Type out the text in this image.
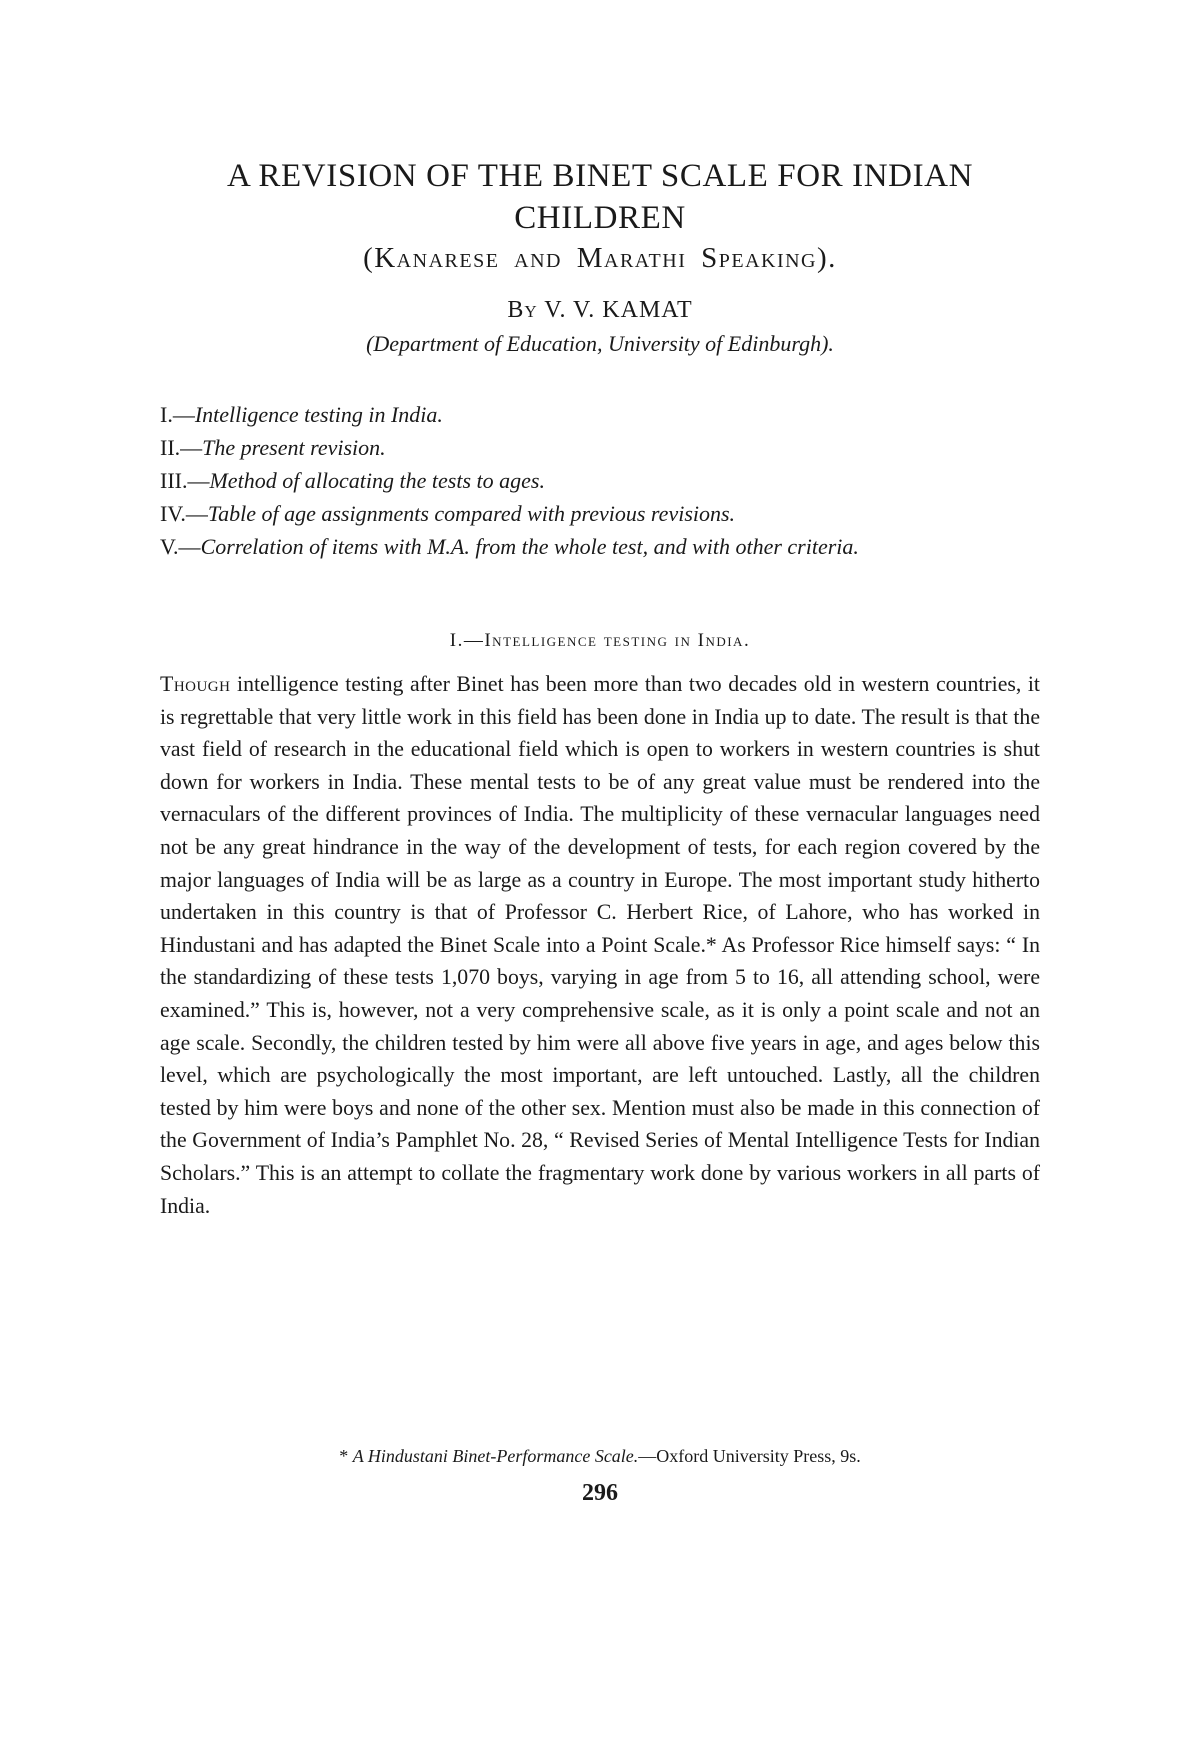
A REVISION OF THE BINET SCALE FOR INDIAN CHILDREN
(Kanarese and Marathi Speaking).
By V. V. KAMAT
(Department of Education, University of Edinburgh).
I.—Intelligence testing in India.
II.—The present revision.
III.—Method of allocating the tests to ages.
IV.—Table of age assignments compared with previous revisions.
V.—Correlation of items with M.A. from the whole test, and with other criteria.
I.—Intelligence testing in India.

Though intelligence testing after Binet has been more than two decades old in western countries, it is regrettable that very little work in this field has been done in India up to date. The result is that the vast field of research in the educational field which is open to workers in western countries is shut down for workers in India. These mental tests to be of any great value must be rendered into the vernaculars of the different provinces of India. The multiplicity of these vernacular languages need not be any great hindrance in the way of the development of tests, for each region covered by the major languages of India will be as large as a country in Europe. The most important study hitherto undertaken in this country is that of Professor C. Herbert Rice, of Lahore, who has worked in Hindustani and has adapted the Binet Scale into a Point Scale.* As Professor Rice himself says: “ In the standardizing of these tests 1,070 boys, varying in age from 5 to 16, all attending school, were examined.” This is, however, not a very comprehensive scale, as it is only a point scale and not an age scale. Secondly, the children tested by him were all above five years in age, and ages below this level, which are psychologically the most important, are left untouched. Lastly, all the children tested by him were boys and none of the other sex. Mention must also be made in this connection of the Government of India’s Pamphlet No. 28, “ Revised Series of Mental Intelligence Tests for Indian Scholars.” This is an attempt to collate the fragmentary work done by various workers in all parts of India.

* A Hindustani Binet-Performance Scale.—Oxford University Press, 9s.
296
